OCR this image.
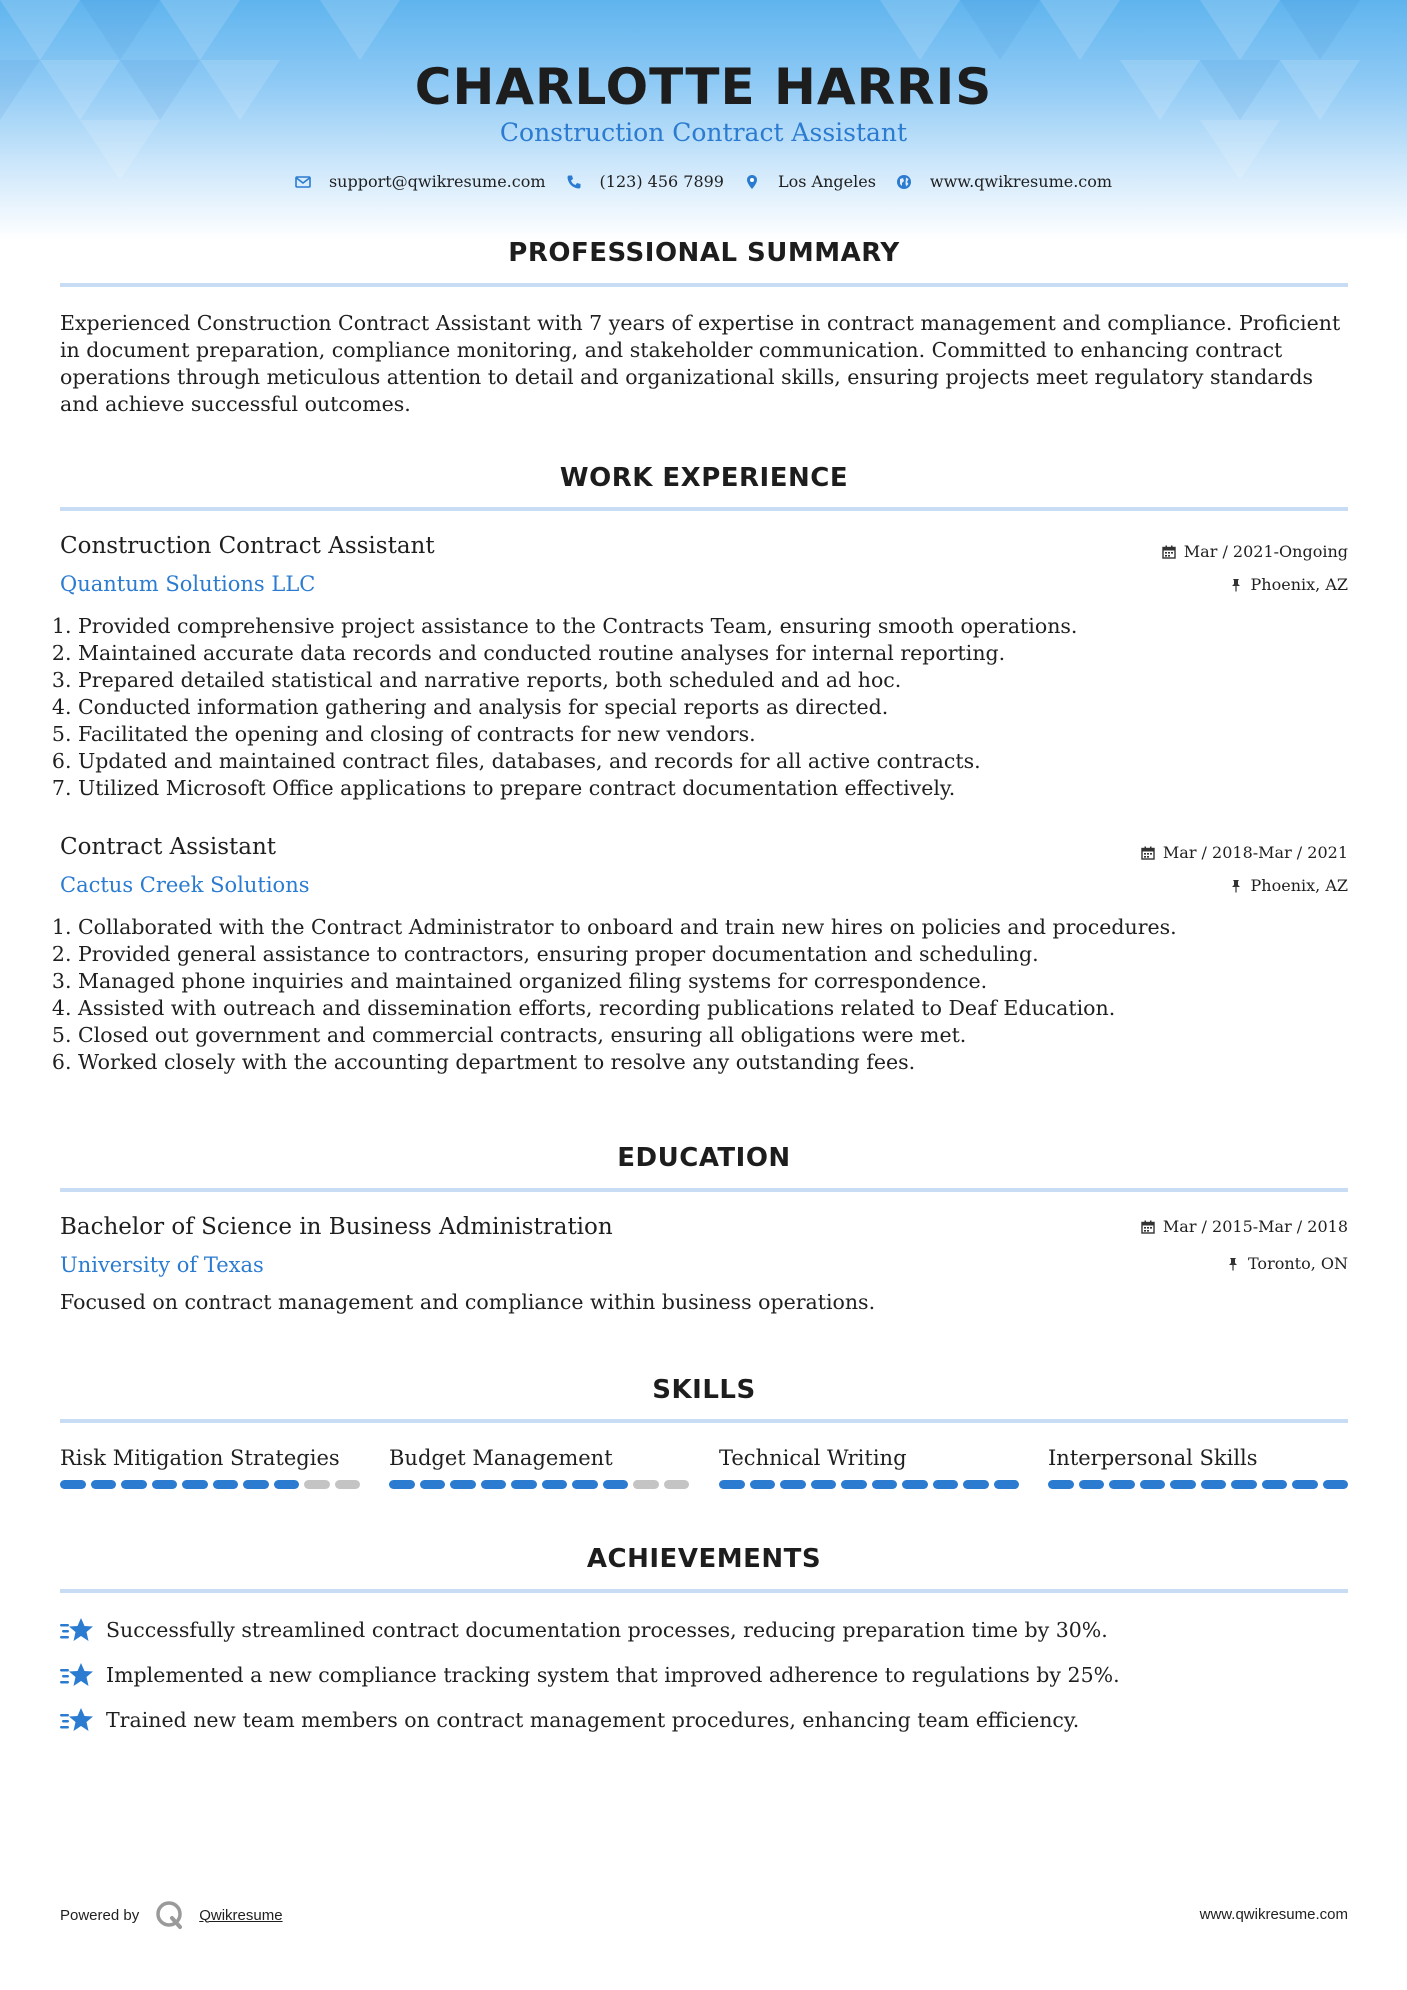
CHARLOTTE HARRIS
Construction Contract Assistant
support@qwikresume.com	(123) 456 7899	Los Angeles	www.qwikresume.com
PROFESSIONAL SUMMARY
Experienced Construction Contract Assistant with 7 years of expertise in contract management and compliance. Proficient in document preparation, compliance monitoring, and stakeholder communication. Committed to enhancing contract operations through meticulous attention to detail and organizational skills, ensuring projects meet regulatory standards and achieve successful outcomes.
WORK EXPERIENCE
Construction Contract Assistant
Quantum Solutions LLC
Mar / 2021-Ongoing
Phoenix, AZ
1. Provided comprehensive project assistance to the Contracts Team, ensuring smooth operations.
2. Maintained accurate data records and conducted routine analyses for internal reporting.
3. Prepared detailed statistical and narrative reports, both scheduled and ad hoc.
4. Conducted information gathering and analysis for special reports as directed.
5. Facilitated the opening and closing of contracts for new vendors.
6. Updated and maintained contract files, databases, and records for all active contracts.
7. Utilized Microsoft Office applications to prepare contract documentation effectively.
Contract Assistant
Cactus Creek Solutions
Mar / 2018-Mar / 2021
Phoenix, AZ
1. Collaborated with the Contract Administrator to onboard and train new hires on policies and procedures.
2. Provided general assistance to contractors, ensuring proper documentation and scheduling.
3. Managed phone inquiries and maintained organized filing systems for correspondence.
4. Assisted with outreach and dissemination efforts, recording publications related to Deaf Education.
5. Closed out government and commercial contracts, ensuring all obligations were met.
6. Worked closely with the accounting department to resolve any outstanding fees.
EDUCATION
Bachelor of Science in Business Administration
University of Texas
Mar / 2015-Mar / 2018
Toronto, ON
Focused on contract management and compliance within business operations.
SKILLS
Risk Mitigation Strategies	Budget Management	Technical Writing	Interpersonal Skills
ACHIEVEMENTS
Successfully streamlined contract documentation processes, reducing preparation time by 30%.
Implemented a new compliance tracking system that improved adherence to regulations by 25%.
Trained new team members on contract management procedures, enhancing team efficiency.
Powered by	Qwikresume	www.qwikresume.com
